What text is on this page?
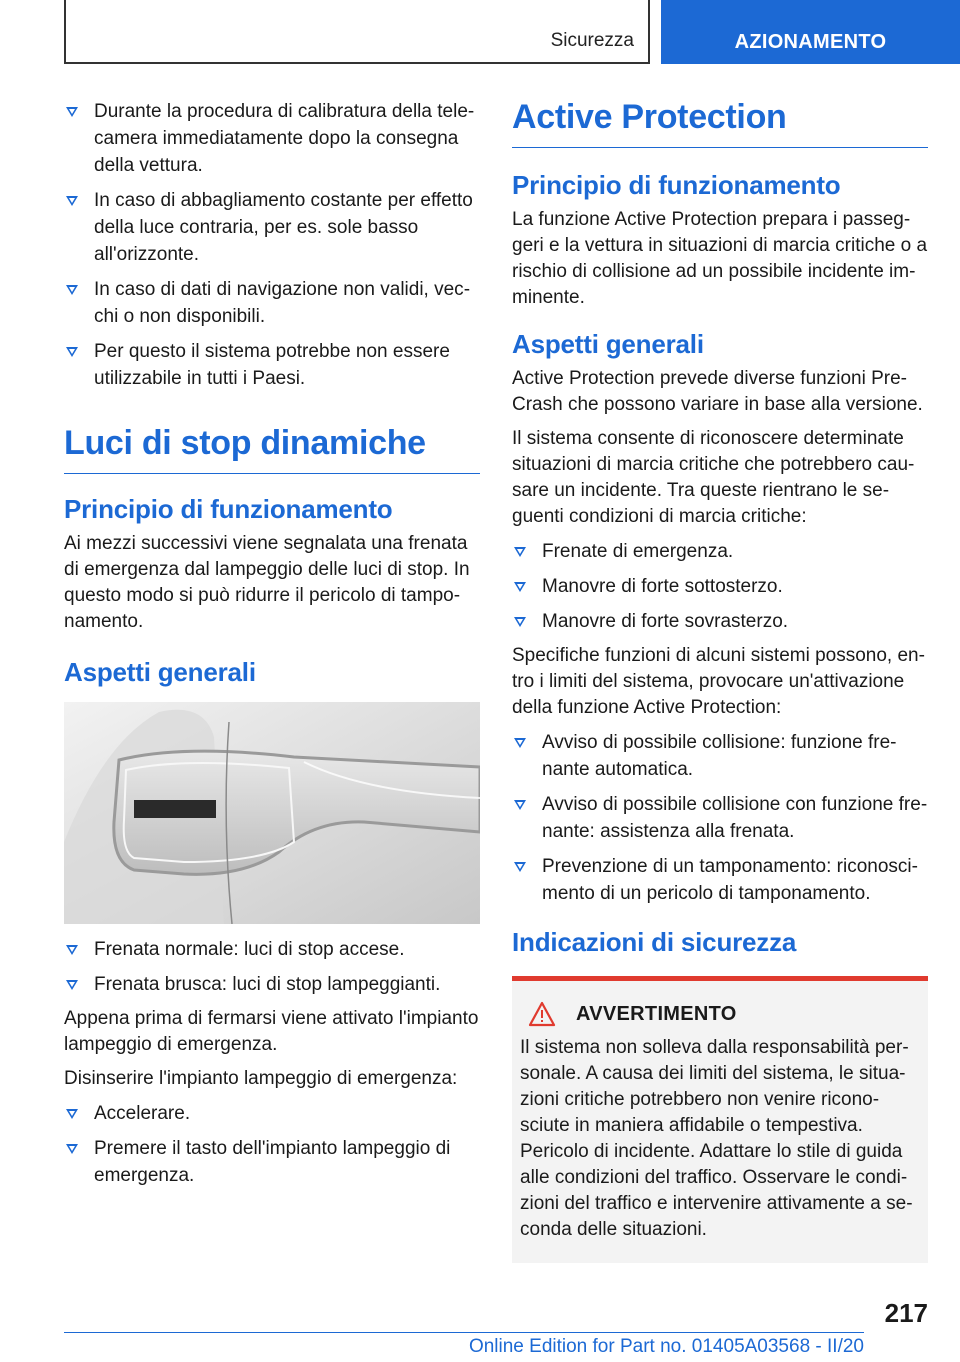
Sicurezza	AZIONAMENTO
Durante la procedura di calibratura della telecamera immediatamente dopo la consegna della vettura.
In caso di abbagliamento costante per effetto della luce contraria, per es. sole basso all'orizzonte.
In caso di dati di navigazione non validi, vecchi o non disponibili.
Per questo il sistema potrebbe non essere utilizzabile in tutti i Paesi.
Luci di stop dinamiche
Principio di funzionamento

Ai mezzi successivi viene segnalata una frenata di emergenza dal lampeggio delle luci di stop. In questo modo si può ridurre il pericolo di tamponamento.

Aspetti generali
Frenata normale: luci di stop accese.
Frenata brusca: luci di stop lampeggianti.

Appena prima di fermarsi viene attivato l'impianto lampeggio di emergenza.

Disinserire l'impianto lampeggio di emergenza:

Accelerare.
Premere il tasto dell'impianto lampeggio di emergenza.
Active Protection
Principio di funzionamento

La funzione Active Protection prepara i passeggeri e la vettura in situazioni di marcia critiche o a rischio di collisione ad un possibile incidente imminente.

Aspetti generali

Active Protection prevede diverse funzioni Pre-Crash che possono variare in base alla versione.

Il sistema consente di riconoscere determinate situazioni di marcia critiche che potrebbero causare un incidente. Tra queste rientrano le seguenti condizioni di marcia critiche:

Frenate di emergenza.
Manovre di forte sottosterzo.
Manovre di forte sovrasterzo.

Specifiche funzioni di alcuni sistemi possono, entro i limiti del sistema, provocare un'attivazione della funzione Active Protection:

Avviso di possibile collisione: funzione frenante automatica.
Avviso di possibile collisione con funzione frenante: assistenza alla frenata.
Prevenzione di un tamponamento: riconoscimento di un pericolo di tamponamento.
Indicazioni di sicurezza
AVVERTIMENTO

Il sistema non solleva dalla responsabilità personale. A causa dei limiti del sistema, le situazioni critiche potrebbero non venire riconosciute in maniera affidabile o tempestiva. Pericolo di incidente. Adattare lo stile di guida alle condizioni del traffico. Osservare le condizioni del traffico e intervenire attivamente a seconda delle situazioni.

217
Online Edition for Part no. 01405A03568 - II/20
